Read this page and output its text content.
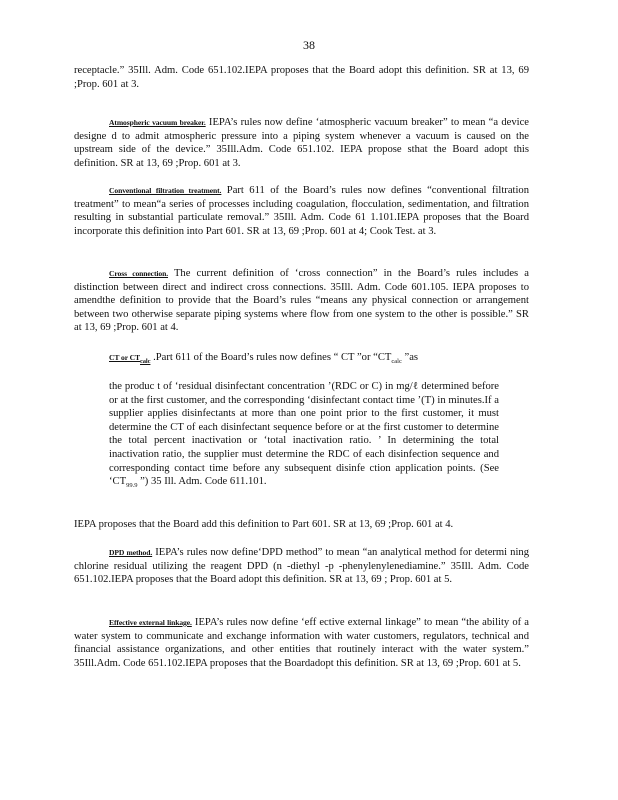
38

receptacle.” 35Ill. Adm. Code 651.102.IEPA proposes that the Board adopt this definition. SR at 13, 69 ;Prop. 601 at 3.

Atmospheric vacuum breaker. IEPA’s rules now define ‘atmospheric vacuum breaker” to mean “a device designe d to admit atmospheric pressure into a piping system whenever a vacuum is caused on the upstream side of the device.” 35Ill.Adm. Code 651.102. IEPA propose sthat the Board adopt this definition. SR at 13, 69 ;Prop. 601 at 3.

Conventional filtration treatment. Part 611 of the Board’s rules now defines “conventional filtration treatment” to mean“a series of processes including coagulation, flocculation, sedimentation, and filtration resulting in substantial particulate removal.” 35Ill. Adm. Code 61 1.101.IEPA proposes that the Board incorporate this definition into Part 601. SR at 13, 69 ;Prop. 601 at 4; Cook Test. at 3.

Cross connection. The current definition of ‘cross connection” in the Board’s rules includes a distinction between direct and indirect cross connections. 35Ill. Adm. Code 601.105. IEPA proposes to amendthe definition to provide that the Board’s rules “means any physical connection or arrangement between two otherwise separate piping systems where flow from one system to the other is possible.” SR at 13, 69 ;Prop. 601 at 4.

CT or $CT_{calc}$ .Part 611 of the Board’s rules now defines “ CT ”or “$CT_{calc}$ ”as

the produc t of ‘residual disinfectant concentration ’(RDC or C) in mg/ℓ determined before or at the first customer, and the corresponding ‘disinfectant contact time ’(T) in minutes.If a supplier applies disinfectants at more than one point prior to the first customer, it must determine the CT of each disinfectant sequence before or at the first customer to determine the total percent inactivation or ‘total inactivation ratio. ’ In determining the total inactivation ratio, the supplier must determine the RDC of each disinfection sequence and corresponding contact time before any subsequent disinfe ction application points. (See ‘$CT_{99.9}$ ”) 35 Ill. Adm. Code 611.101.

IEPA proposes that the Board add this definition to Part 601. SR at 13, 69 ;Prop. 601 at 4.

DPD method. IEPA’s rules now define‘DPD method” to mean “an analytical method for determi ning chlorine residual utilizing the reagent DPD (n -diethyl -p -phenylenylenediamine.” 35Ill. Adm. Code 651.102.IEPA proposes that the Board adopt this definition. SR at 13, 69 ; Prop. 601 at 5.

Effective external linkage. IEPA’s rules now define ‘eff ective external linkage” to mean “the ability of a water system to communicate and exchange information with water customers, regulators, technical and financial assistance organizations, and other entities that routinely interact with the water system.” 35Ill.Adm. Code 651.102.IEPA proposes that the Boardadopt this definition. SR at 13, 69 ;Prop. 601 at 5.
